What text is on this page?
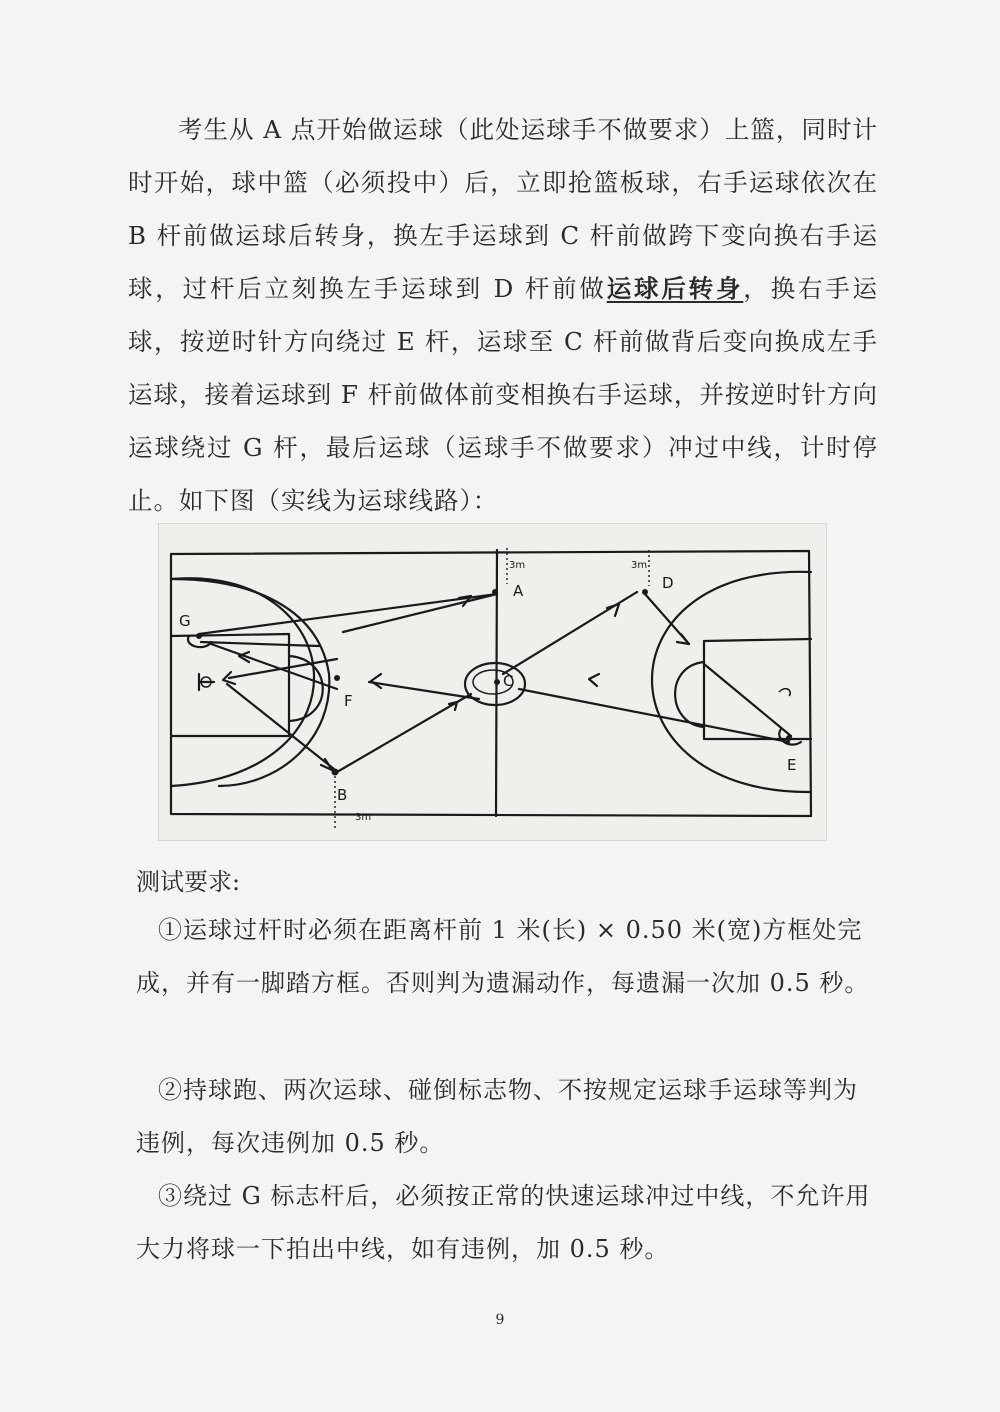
考生从 A 点开始做运球（此处运球手不做要求）上篮，同时计时开始，球中篮（必须投中）后，立即抢篮板球，右手运球依次在 B 杆前做运球后转身，换左手运球到 C 杆前做跨下变向换右手运球，过杆后立刻换左手运球到 D 杆前做运球后转身，换右手运球，按逆时针方向绕过 E 杆，运球至 C 杆前做背后变向换成左手运球，接着运球到 F 杆前做体前变相换右手运球，并按逆时针方向运球绕过 G 杆，最后运球（运球手不做要求）冲过中线，计时停止。如下图（实线为运球线路）：

A	D
B
F
G
C
E
3m	3m
3m

测试要求:

①运球过杆时必须在距离杆前 1 米(长) × 0.50 米(宽)方框处完成，并有一脚踏方框。否则判为遗漏动作，每遗漏一次加 0.5 秒。

②持球跑、两次运球、碰倒标志物、不按规定运球手运球等判为违例，每次违例加 0.5 秒。

③绕过 G 标志杆后，必须按正常的快速运球冲过中线，不允许用大力将球一下拍出中线，如有违例，加 0.5 秒。

9
